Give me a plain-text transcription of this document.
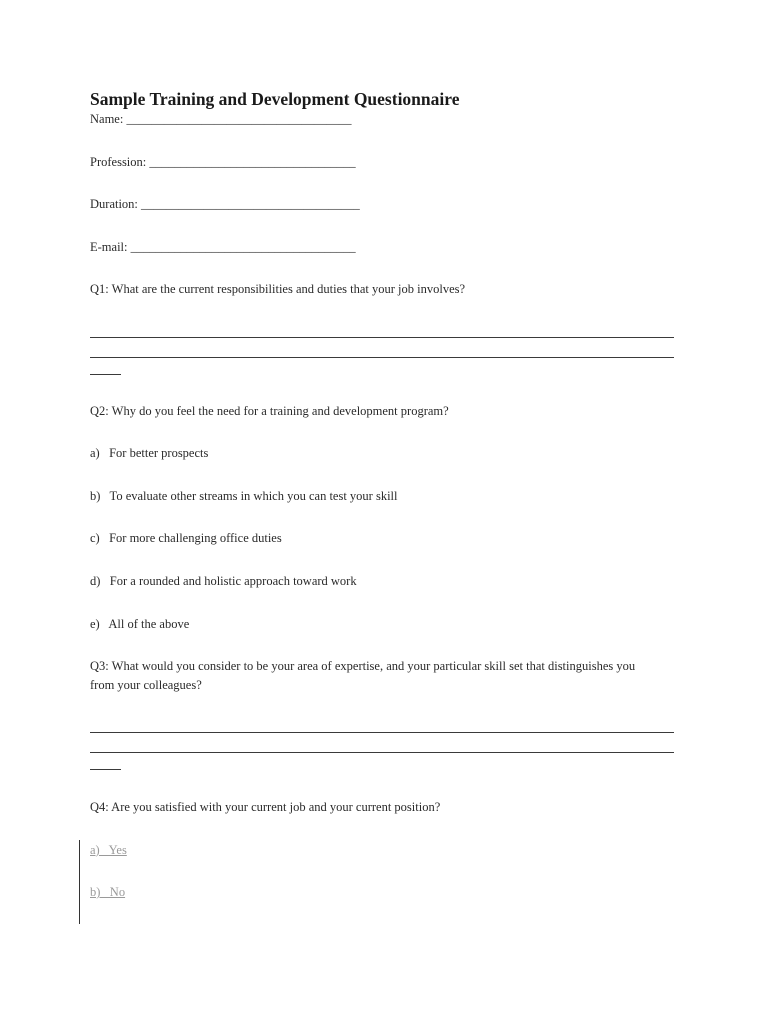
Sample Training and Development Questionnaire
Name: ____________________________________
Profession: _________________________________
Duration: ___________________________________
E-mail: ____________________________________
Q1: What are the current responsibilities and duties that your job involves?
Q2: Why do you feel the need for a training and development program?
a)   For better prospects
b)   To evaluate other streams in which you can test your skill
c)   For more challenging office duties
d)   For a rounded and holistic approach toward work
e)   All of the above
Q3: What would you consider to be your area of expertise, and your particular skill set that distinguishes you
from your colleagues?
Q4: Are you satisfied with your current job and your current position?
a)   Yes
b)   No
